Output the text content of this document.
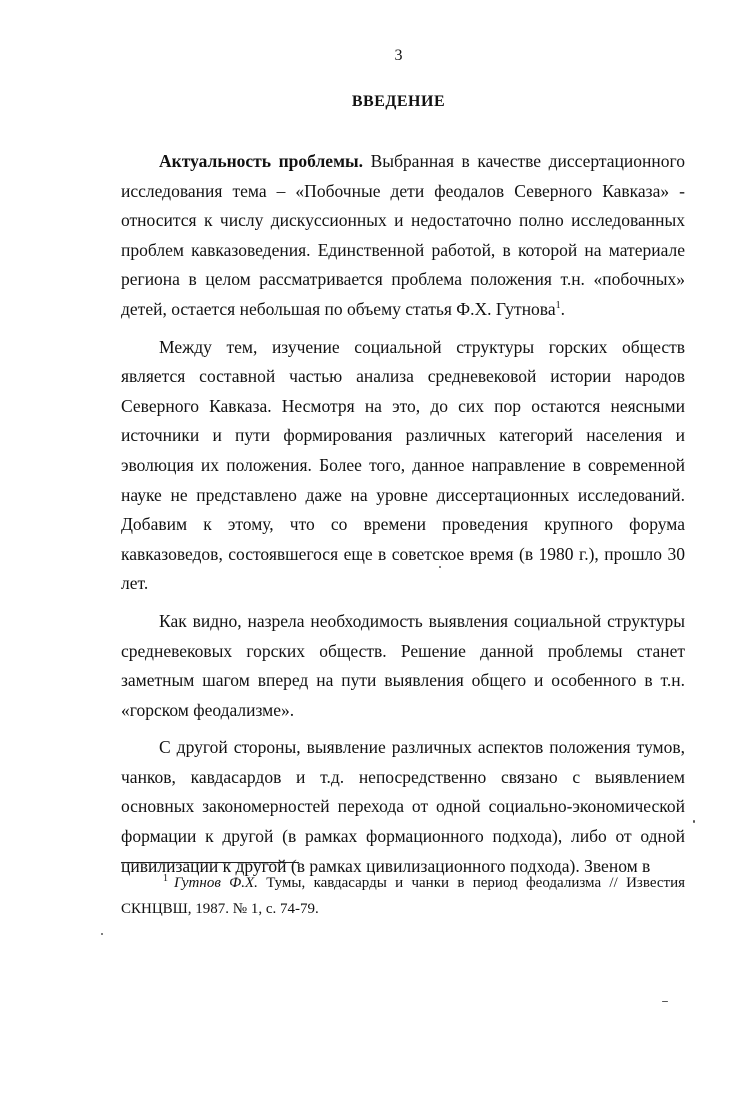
3
ВВЕДЕНИЕ

Актуальность проблемы. Выбранная в качестве диссертационного исследования тема – «Побочные дети феодалов Северного Кавказа» - относится к числу дискуссионных и недостаточно полно исследованных проблем кавказоведения. Единственной работой, в которой на материале региона в целом рассматривается проблема положения т.н. «побочных» детей, остается небольшая по объему статья Ф.Х. Гутнова$^1$.

Между тем, изучение социальной структуры горских обществ является составной частью анализа средневековой истории народов Северного Кавказа. Несмотря на это, до сих пор остаются неясными источники и пути формирования различных категорий населения и эволюция их положения. Более того, данное направление в современной науке не представлено даже на уровне диссертационных исследований. Добавим к этому, что со времени проведения крупного форума кавказоведов, состоявшегося еще в советское время (в 1980 г.), прошло 30 лет.

Как видно, назрела необходимость выявления социальной структуры средневековых горских обществ. Решение данной проблемы станет заметным шагом вперед на пути выявления общего и особенного в т.н. «горском феодализме».

С другой стороны, выявление различных аспектов положения тумов, чанков, кавдасардов и т.д. непосредственно связано с выявлением основных закономерностей перехода от одной социально-экономической формации к другой (в рамках формационного подхода), либо от одной цивилизации к другой (в рамках цивилизационного подхода). Звеном в

$^1$ Гутнов Ф.Х. Тумы, кавдасарды и чанки в период феодализма // Известия СКНЦВШ, 1987. № 1, с. 74-79.
